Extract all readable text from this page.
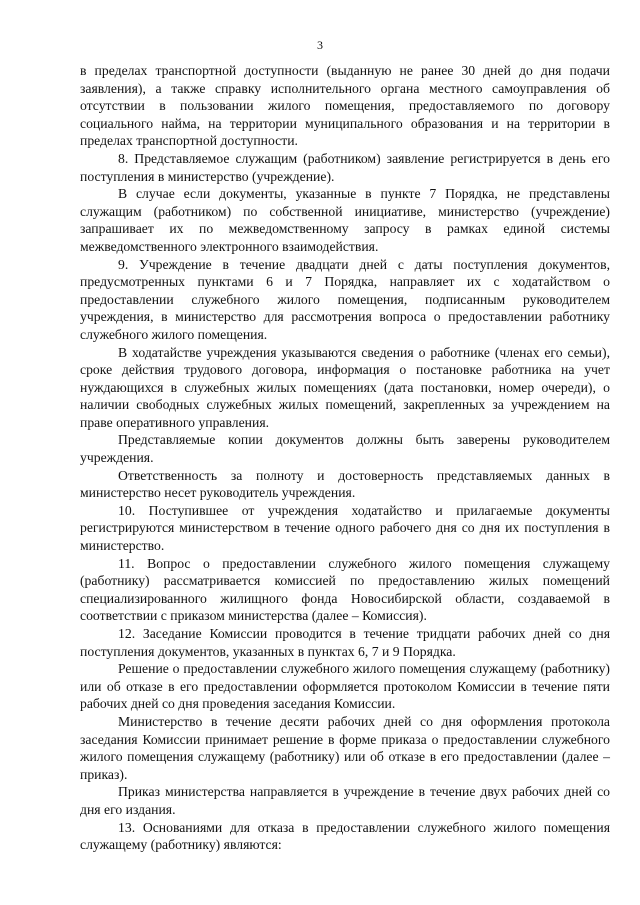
3

в пределах транспортной доступности (выданную не ранее 30 дней до дня подачи заявления), а также справку исполнительного органа местного самоуправления об отсутствии в пользовании жилого помещения, предоставляемого по договору социального найма, на территории муниципального образования и на территории в пределах транспортной доступности.

8. Представляемое служащим (работником) заявление регистрируется в день его поступления в министерство (учреждение).

В случае если документы, указанные в пункте 7 Порядка, не представлены служащим (работником) по собственной инициативе, министерство (учреждение) запрашивает их по межведомственному запросу в рамках единой системы межведомственного электронного взаимодействия.

9. Учреждение в течение двадцати дней с даты поступления документов, предусмотренных пунктами 6 и 7 Порядка, направляет их с ходатайством о предоставлении служебного жилого помещения, подписанным руководителем учреждения, в министерство для рассмотрения вопроса о предоставлении работнику служебного жилого помещения.

В ходатайстве учреждения указываются сведения о работнике (членах его семьи), сроке действия трудового договора, информация о постановке работника на учет нуждающихся в служебных жилых помещениях (дата постановки, номер очереди), о наличии свободных служебных жилых помещений, закрепленных за учреждением на праве оперативного управления.

Представляемые копии документов должны быть заверены руководителем учреждения.

Ответственность за полноту и достоверность представляемых данных в министерство несет руководитель учреждения.

10. Поступившее от учреждения ходатайство и прилагаемые документы регистрируются министерством в течение одного рабочего дня со дня их поступления в министерство.

11. Вопрос о предоставлении служебного жилого помещения служащему (работнику) рассматривается комиссией по предоставлению жилых помещений специализированного жилищного фонда Новосибирской области, создаваемой в соответствии с приказом министерства (далее – Комиссия).

12. Заседание Комиссии проводится в течение тридцати рабочих дней со дня поступления документов, указанных в пунктах 6, 7 и 9 Порядка.

Решение о предоставлении служебного жилого помещения служащему (работнику) или об отказе в его предоставлении оформляется протоколом Комиссии в течение пяти рабочих дней со дня проведения заседания Комиссии.

Министерство в течение десяти рабочих дней со дня оформления протокола заседания Комиссии принимает решение в форме приказа о предоставлении служебного жилого помещения служащему (работнику) или об отказе в его предоставлении (далее – приказ).

Приказ министерства направляется в учреждение в течение двух рабочих дней со дня его издания.

13. Основаниями для отказа в предоставлении служебного жилого помещения служащему (работнику) являются:
